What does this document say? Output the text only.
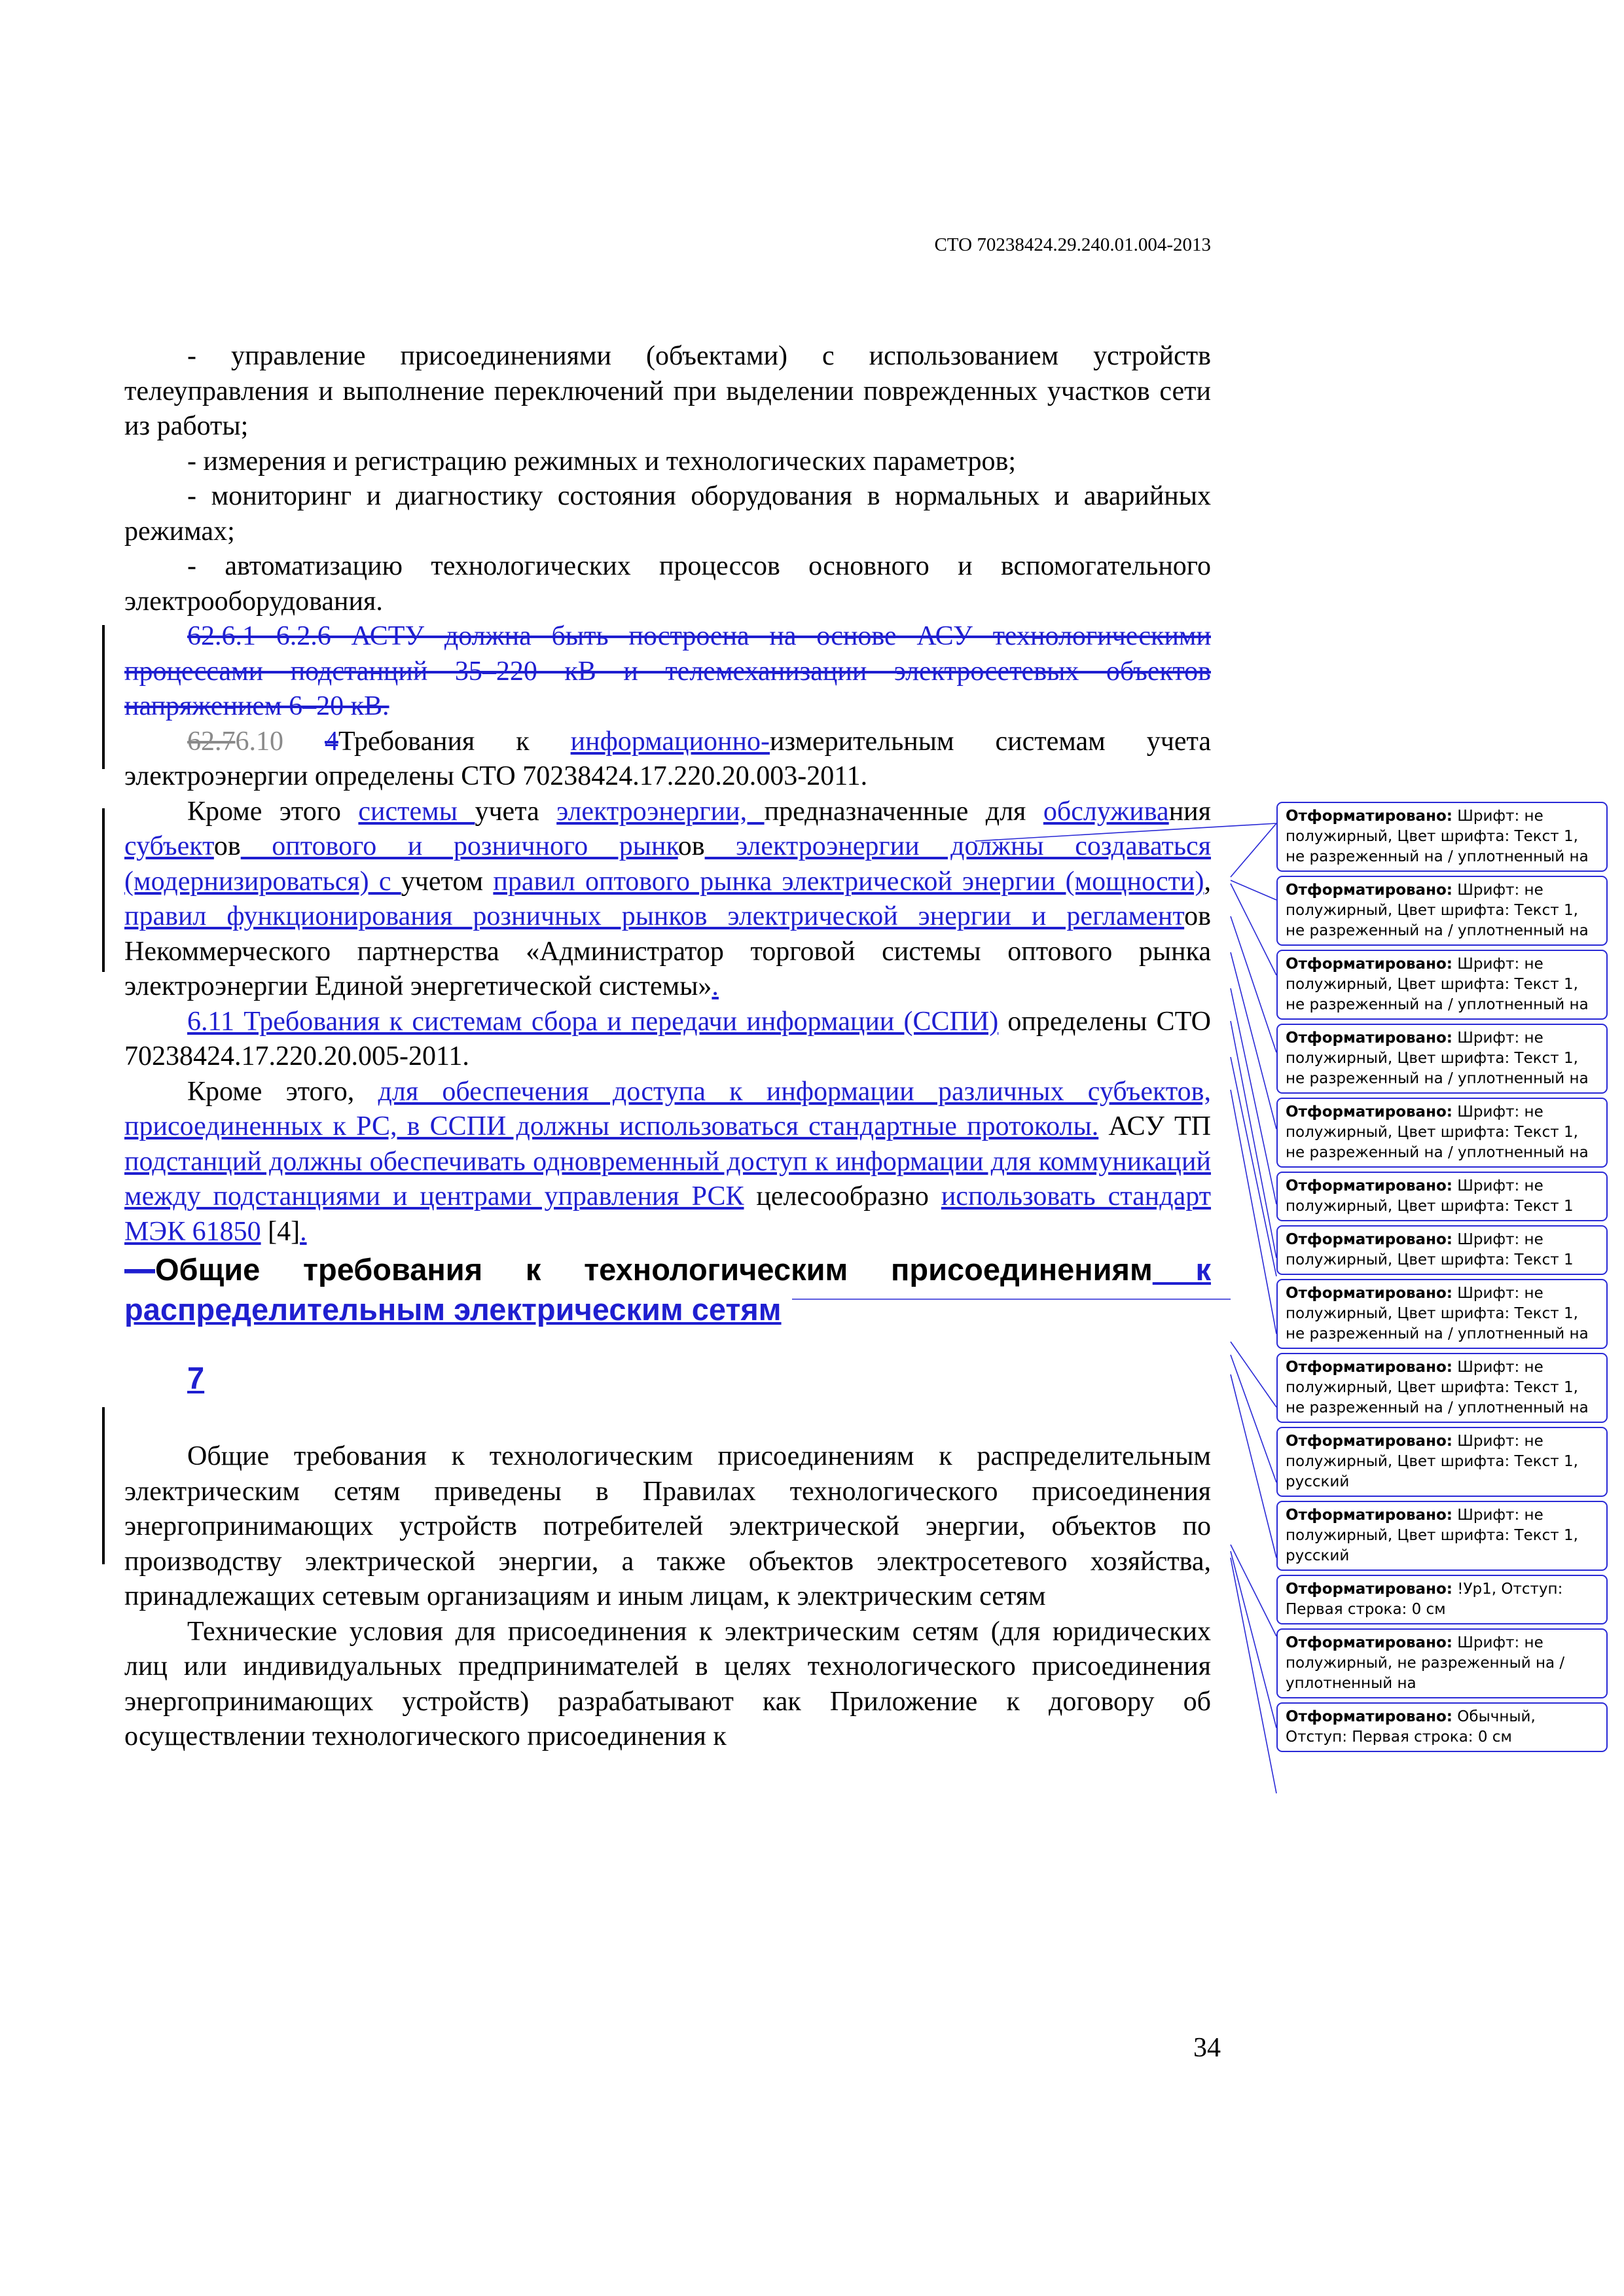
СТО 70238424.29.240.01.004-2013

- управление присоединениями (объектами) с использованием устройств телеуправления и выполнение переключений при выделении поврежденных участков сети из работы;

- измерения и регистрацию режимных и технологических параметров;

- мониторинг и диагностику состояния оборудования в нормальных и аварийных режимах;

- автоматизацию технологических процессов основного и вспомогательного электрооборудования.

62.6.1 6.2.6 АСТУ должна быть построена на основе АСУ технологическими процессами подстанций 35–220 кВ и телемеханизации электросетевых объектов напряжением 6–20 кВ.

62.76.10 4Требования к информационно-измерительным системам учета электроэнергии определены СТО 70238424.17.220.20.003-2011.

Кроме этого системы учета электроэнергии, предназначенные для обслуживания субъектов оптового и розничного рынков электроэнергии должны создаваться (модернизироваться) с учетом правил оптового рынка электрической энергии (мощности), правил функционирования розничных рынков электрической энергии и регламентов Некоммерческого партнерства «Администратор торговой системы оптового рынка электроэнергии Единой энергетической системы».

6.11 Требования к системам сбора и передачи информации (ССПИ) определены СТО 70238424.17.220.20.005-2011.

Кроме этого, для обеспечения доступа к информации различных субъектов, присоединенных к РС, в ССПИ должны использоваться стандартные протоколы. АСУ ТП подстанций должны обеспечивать одновременный доступ к информации для коммуникаций между подстанциями и центрами управления РСК целесообразно использовать стандарт МЭК 61850 [4].

—Общие требования к технологическим присоединениям к распределительным электрическим сетям

7

Общие требования к технологическим присоединениям к распределительным электрическим сетям приведены в Правилах технологического присоединения энергопринимающих устройств потребителей электрической энергии, объектов по производству электрической энергии, а также объектов электросетевого хозяйства, принадлежащих сетевым организациям и иным лицам, к электрическим сетям

Технические условия для присоединения к электрическим сетям (для юридических лиц или индивидуальных предпринимателей в целях технологического присоединения энергопринимающих устройств) разрабатывают как Приложение к договору об осуществлении технологического присоединения к

34
Отформатировано: Шрифт: не полужирный, Цвет шрифта: Текст 1, не разреженный на / уплотненный на
Отформатировано: Шрифт: не полужирный, Цвет шрифта: Текст 1, не разреженный на / уплотненный на
Отформатировано: Шрифт: не полужирный, Цвет шрифта: Текст 1, не разреженный на / уплотненный на
Отформатировано: Шрифт: не полужирный, Цвет шрифта: Текст 1, не разреженный на / уплотненный на
Отформатировано: Шрифт: не полужирный, Цвет шрифта: Текст 1, не разреженный на / уплотненный на
Отформатировано: Шрифт: не полужирный, Цвет шрифта: Текст 1
Отформатировано: Шрифт: не полужирный, Цвет шрифта: Текст 1
Отформатировано: Шрифт: не полужирный, Цвет шрифта: Текст 1, не разреженный на / уплотненный на
Отформатировано: Шрифт: не полужирный, Цвет шрифта: Текст 1, не разреженный на / уплотненный на
Отформатировано: Шрифт: не полужирный, Цвет шрифта: Текст 1, русский
Отформатировано: Шрифт: не полужирный, Цвет шрифта: Текст 1, русский
Отформатировано: !Ур1, Отступ: Первая строка: 0 см
Отформатировано: Шрифт: не полужирный, не разреженный на / уплотненный на
Отформатировано: Обычный, Отступ: Первая строка: 0 см
